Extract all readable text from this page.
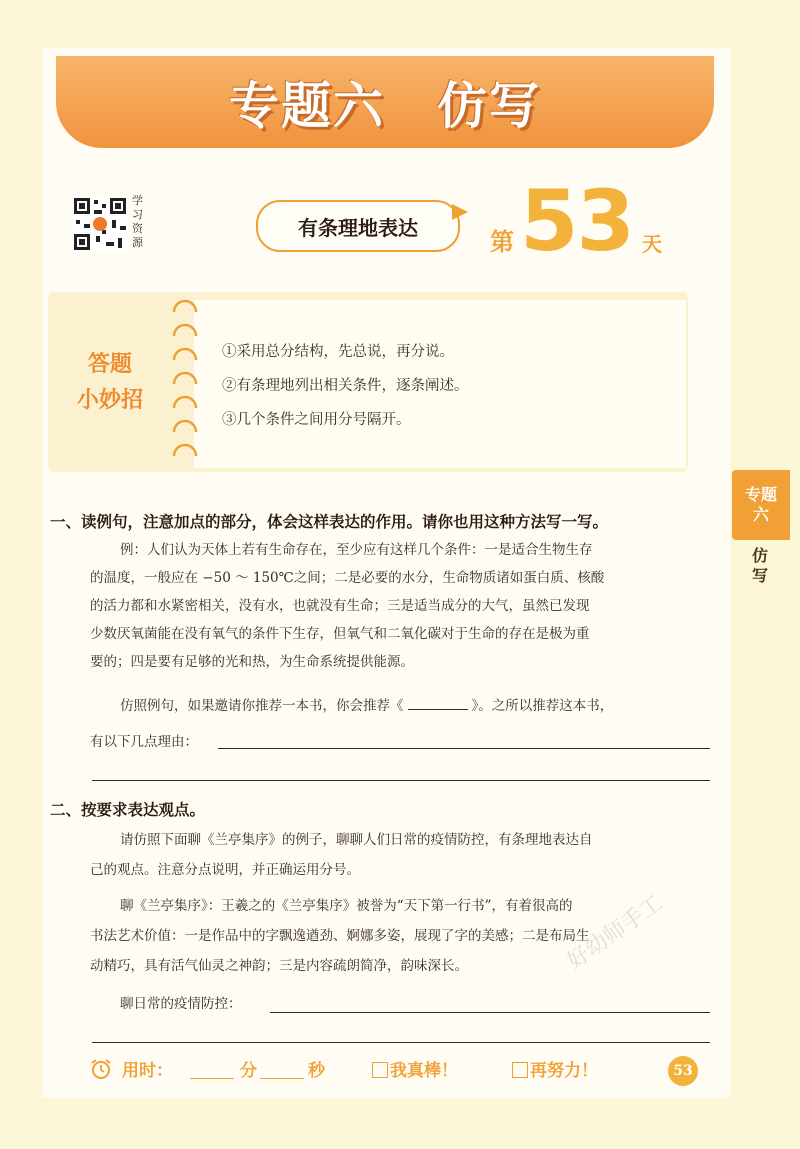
专题六　仿写
学习资源
有条理地表达	第 53 天
答题
小妙招
①采用总分结构，先总说，再分说。
②有条理地列出相关条件，逐条阐述。
③几个条件之间用分号隔开。
专题
六
仿写
一、读例句，注意加点的部分，体会这样表达的作用。请你也用这种方法写一写。
例：人们认为天体上若有生命存在，至少应有这样几个条件：一是适合生物生存
的温度，一般应在 −50 ～ 150℃之间；二是必要的水分，生命物质诸如蛋白质、核酸
的活力都和水紧密相关，没有水，也就没有生命；三是适当成分的大气，虽然已发现
少数厌氧菌能在没有氧气的条件下生存，但氧气和二氧化碳对于生命的存在是极为重
要的；四是要有足够的光和热，为生命系统提供能源。
仿照例句，如果邀请你推荐一本书，你会推荐《	》。之所以推荐这本书，
有以下几点理由：
二、按要求表达观点。
请仿照下面聊《兰亭集序》的例子，聊聊人们日常的疫情防控，有条理地表达自
己的观点。注意分点说明，并正确运用分号。
聊《兰亭集序》：王羲之的《兰亭集序》被誉为“天下第一行书”，有着很高的
书法艺术价值：一是作品中的字飘逸遒劲、婀娜多姿，展现了字的美感；二是布局生
动精巧，具有活气仙灵之神韵；三是内容疏朗简净，韵味深长。
聊日常的疫情防控：
好幼师手工
用时：	分	秒	我真棒！	再努力！	53
